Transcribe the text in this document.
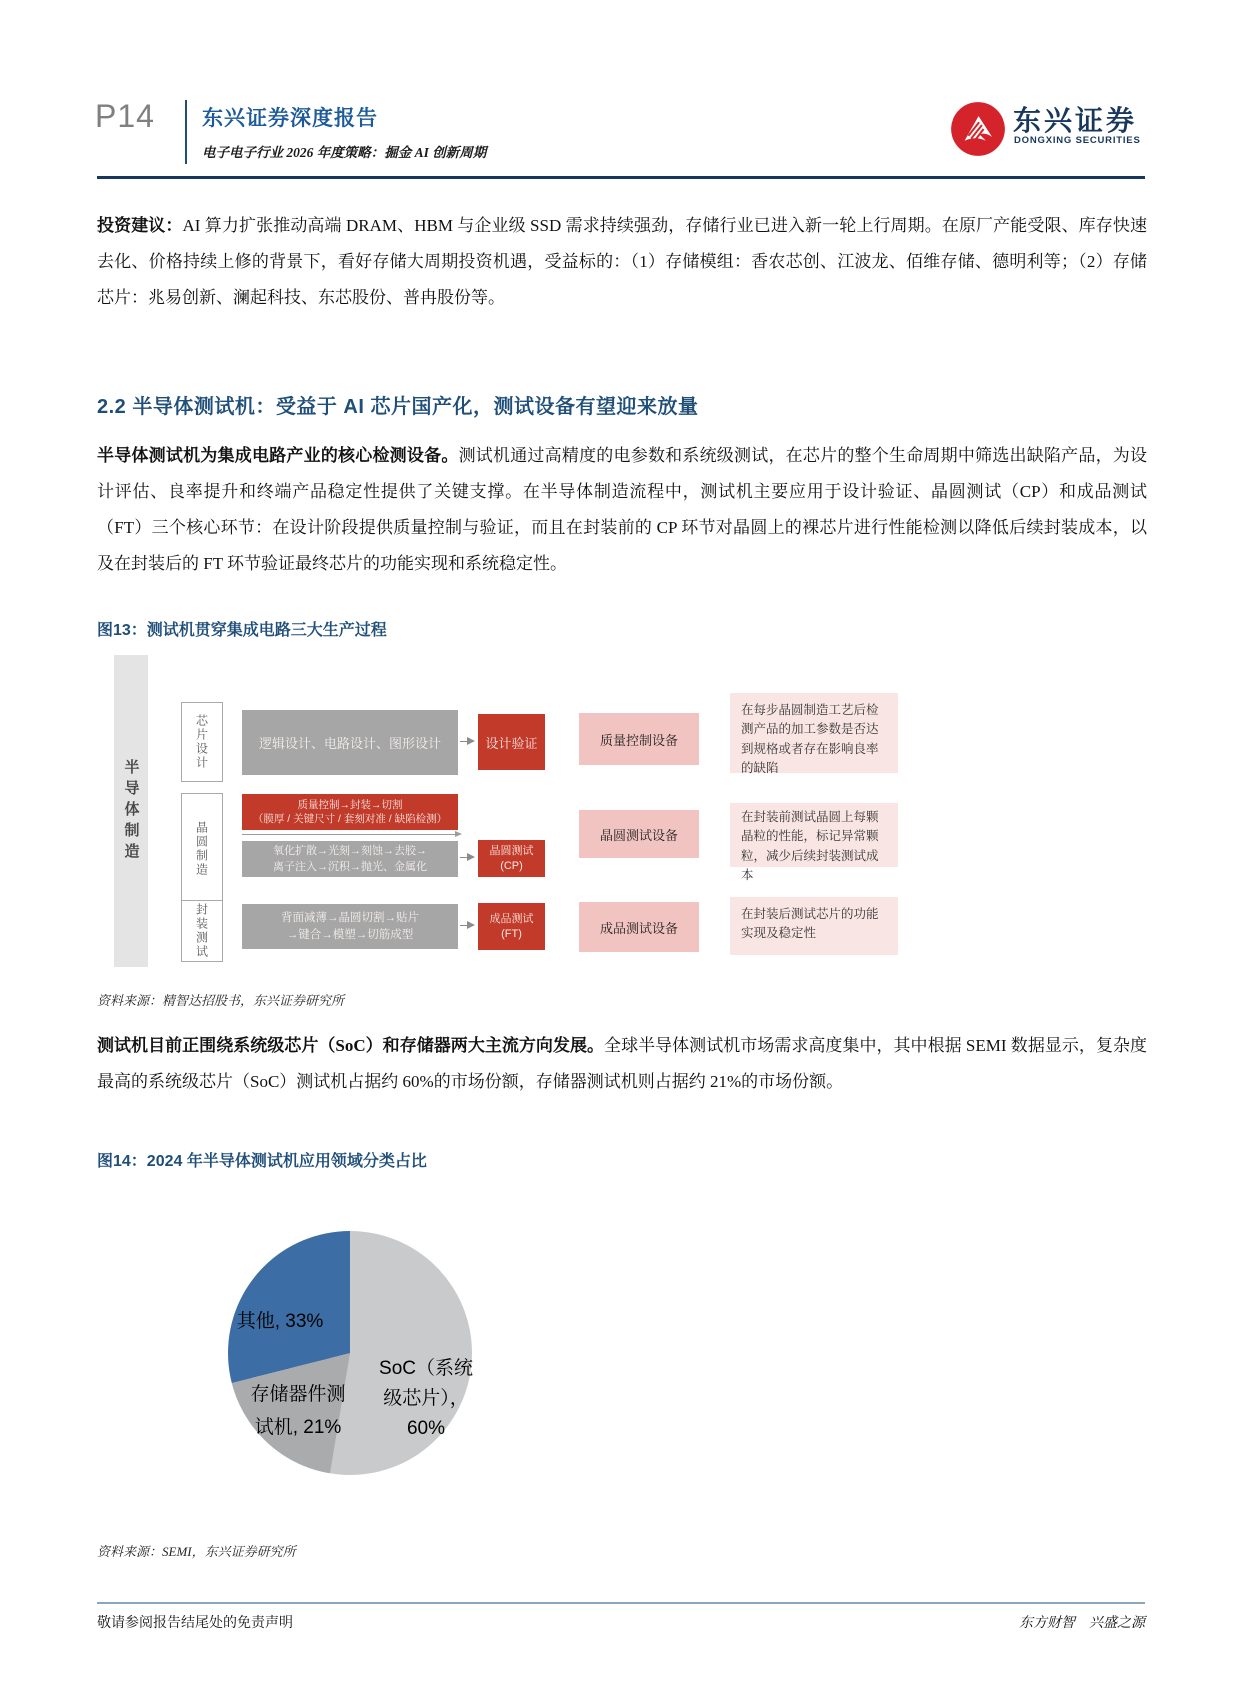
P14 东兴证券深度报告
电子电子行业 2026 年度策略：掘金 AI 创新周期
东兴证券
DONGXING SECURITIES

投资建议：AI 算力扩张推动高端 DRAM、HBM 与企业级 SSD 需求持续强劲，存储行业已进入新一轮上行周期。在原厂产能受限、库存快速去化、价格持续上修的背景下，看好存储大周期投资机遇，受益标的：（1）存储模组：香农芯创、江波龙、佰维存储、德明利等；（2）存储芯片：兆易创新、澜起科技、东芯股份、普冉股份等。

2.2 半导体测试机：受益于 AI 芯片国产化，测试设备有望迎来放量

半导体测试机为集成电路产业的核心检测设备。测试机通过高精度的电参数和系统级测试，在芯片的整个生命周期中筛选出缺陷产品，为设计评估、良率提升和终端产品稳定性提供了关键支撑。在半导体制造流程中，测试机主要应用于设计验证、晶圆测试（CP）和成品测试（FT）三个核心环节：在设计阶段提供质量控制与验证，而且在封装前的 CP 环节对晶圆上的裸芯片进行性能检测以降低后续封装成本，以及在封装后的 FT 环节验证最终芯片的功能实现和系统稳定性。

图13：测试机贯穿集成电路三大生产过程
半导体制造
芯片设计	逻辑设计、电路设计、图形设计	设计验证	质量控制设备
在每步晶圆制造工艺后检测产品的加工参数是否达到规格或者存在影响良率的缺陷
晶圆制造
质量控制→封装→切割
（膜厚 / 关键尺寸 / 套刻对准 / 缺陷检测）
氧化扩散→光刻→刻蚀→去胶→
离子注入→沉积→抛光、金属化
晶圆测试
(CP)
晶圆测试设备
在封装前测试晶圆上每颗晶粒的性能，标记异常颗粒，减少后续封装测试成本
封装测试	背面减薄→晶圆切割→贴片
→键合→模塑→切筋成型
成品测试
(FT)	成品测试设备
在封装后测试芯片的功能实现及稳定性
资料来源：精智达招股书，东兴证券研究所

测试机目前正围绕系统级芯片（SoC）和存储器两大主流方向发展。全球半导体测试机市场需求高度集中，其中根据 SEMI 数据显示，复杂度最高的系统级芯片（SoC）测试机占据约 60%的市场份额，存储器测试机则占据约 21%的市场份额。

图14：2024 年半导体测试机应用领域分类占比
其他, 33%
存储器件测
试机, 21%
SoC（系统
级芯片），
60%
资料来源：SEMI，东兴证券研究所
敬请参阅报告结尾处的免责声明	东方财智　兴盛之源
